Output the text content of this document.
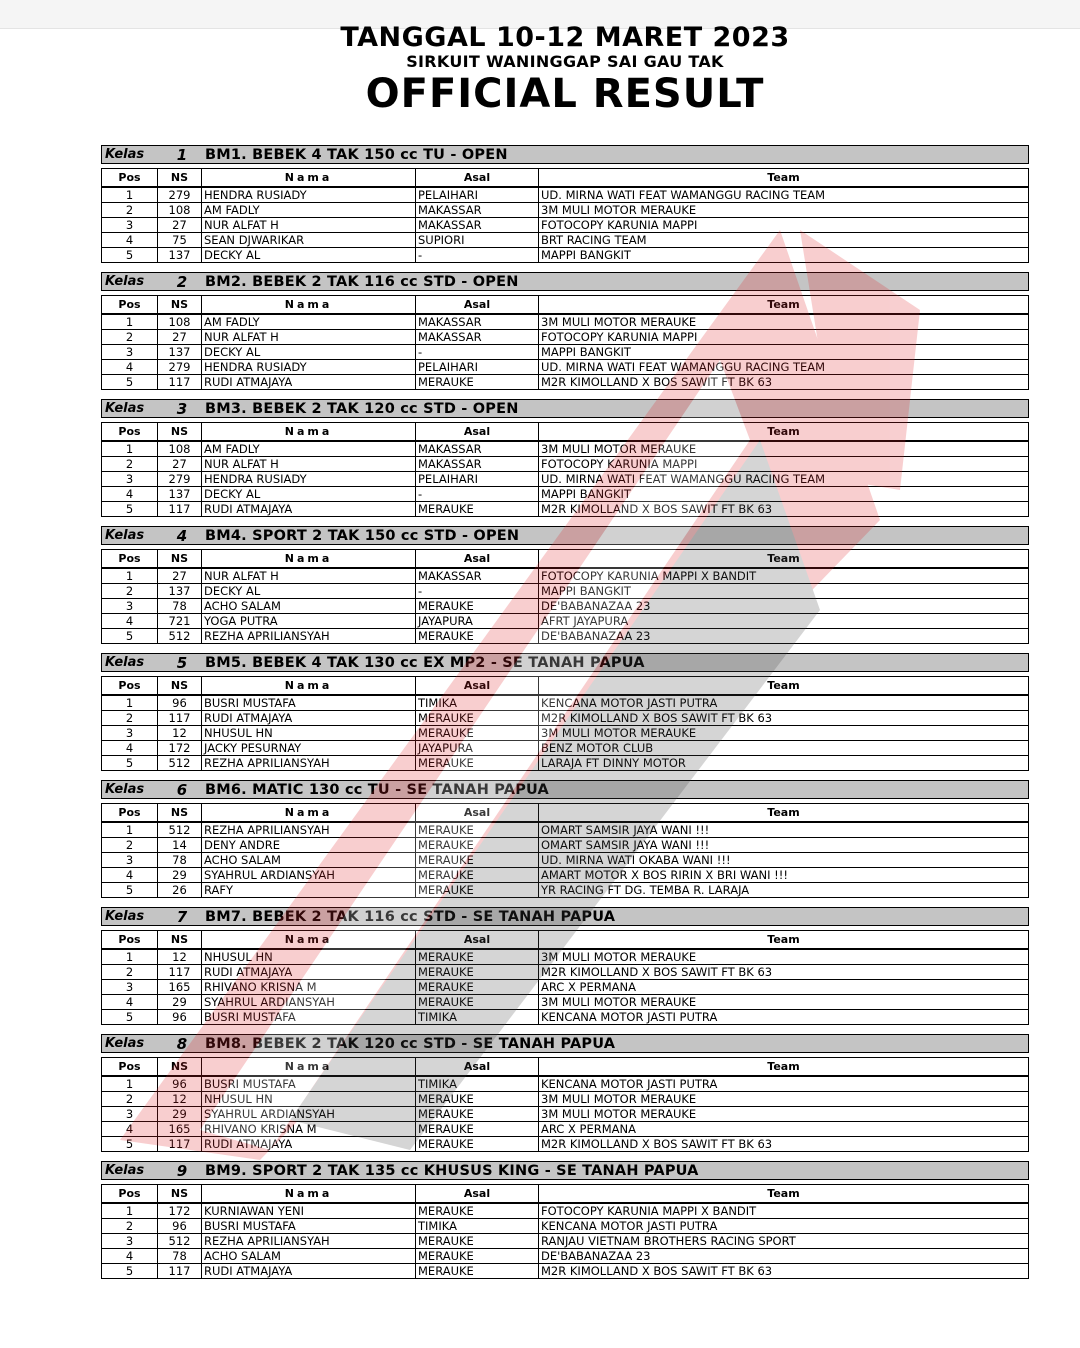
TANGGAL 10-12 MARET 2023
SIRKUIT WANINGGAP SAI GAU TAK
OFFICIAL RESULT
Kelas	1	BM1. BEBEK 4 TAK 150 cc TU - OPEN
Pos	NS	Nama	Asal	Team
1	279	HENDRA RUSIADY	PELAIHARI	UD. MIRNA WATI FEAT WAMANGGU RACING TEAM
2	108	AM FADLY	MAKASSAR	3M MULI MOTOR MERAUKE
3	27	NUR ALFAT H	MAKASSAR	FOTOCOPY KARUNIA MAPPI
4	75	SEAN DJWARIKAR	SUPIORI	BRT RACING TEAM
5	137	DECKY AL	-	MAPPI BANGKIT
Kelas	2	BM2. BEBEK 2 TAK 116 cc STD - OPEN
Pos	NS	Nama	Asal	Team
1	108	AM FADLY	MAKASSAR	3M MULI MOTOR MERAUKE
2	27	NUR ALFAT H	MAKASSAR	FOTOCOPY KARUNIA MAPPI
3	137	DECKY AL	-	MAPPI BANGKIT
4	279	HENDRA RUSIADY	PELAIHARI	UD. MIRNA WATI FEAT WAMANGGU RACING TEAM
5	117	RUDI ATMAJAYA	MERAUKE	M2R KIMOLLAND X BOS SAWIT FT BK 63
Kelas	3	BM3. BEBEK 2 TAK 120 cc STD - OPEN
Pos	NS	Nama	Asal	Team
1	108	AM FADLY	MAKASSAR	3M MULI MOTOR MERAUKE
2	27	NUR ALFAT H	MAKASSAR	FOTOCOPY KARUNIA MAPPI
3	279	HENDRA RUSIADY	PELAIHARI	UD. MIRNA WATI FEAT WAMANGGU RACING TEAM
4	137	DECKY AL	-	MAPPI BANGKIT
5	117	RUDI ATMAJAYA	MERAUKE	M2R KIMOLLAND X BOS SAWIT FT BK 63
Kelas	4	BM4. SPORT 2 TAK 150 cc STD - OPEN
Pos	NS	Nama	Asal	Team
1	27	NUR ALFAT H	MAKASSAR	FOTOCOPY KARUNIA MAPPI X BANDIT
2	137	DECKY AL	-	MAPPI BANGKIT
3	78	ACHO SALAM	MERAUKE	DE'BABANAZAA 23
4	721	YOGA PUTRA	JAYAPURA	AFRT JAYAPURA
5	512	REZHA APRILIANSYAH	MERAUKE	DE'BABANAZAA 23
Kelas	5	BM5. BEBEK 4 TAK 130 cc EX MP2 - SE TANAH PAPUA
Pos	NS	Nama	Asal	Team
1	96	BUSRI MUSTAFA	TIMIKA	KENCANA MOTOR JASTI PUTRA
2	117	RUDI ATMAJAYA	MERAUKE	M2R KIMOLLAND X BOS SAWIT FT BK 63
3	12	NHUSUL HN	MERAUKE	3M MULI MOTOR MERAUKE
4	172	JACKY PESURNAY	JAYAPURA	BENZ MOTOR CLUB
5	512	REZHA APRILIANSYAH	MERAUKE	LARAJA FT DINNY MOTOR
Kelas	6	BM6. MATIC 130 cc TU - SE TANAH PAPUA
Pos	NS	Nama	Asal	Team
1	512	REZHA APRILIANSYAH	MERAUKE	OMART SAMSIR JAYA WANI !!!
2	14	DENY ANDRE	MERAUKE	OMART SAMSIR JAYA WANI !!!
3	78	ACHO SALAM	MERAUKE	UD. MIRNA WATI OKABA WANI !!!
4	29	SYAHRUL ARDIANSYAH	MERAUKE	AMART MOTOR X BOS RIRIN X BRI WANI !!!
5	26	RAFY	MERAUKE	YR RACING FT DG. TEMBA R. LARAJA
Kelas	7	BM7. BEBEK 2 TAK 116 cc STD - SE TANAH PAPUA
Pos	NS	Nama	Asal	Team
1	12	NHUSUL HN	MERAUKE	3M MULI MOTOR MERAUKE
2	117	RUDI ATMAJAYA	MERAUKE	M2R KIMOLLAND X BOS SAWIT FT BK 63
3	165	RHIVANO KRISNA M	MERAUKE	ARC X PERMANA
4	29	SYAHRUL ARDIANSYAH	MERAUKE	3M MULI MOTOR MERAUKE
5	96	BUSRI MUSTAFA	TIMIKA	KENCANA MOTOR JASTI PUTRA
Kelas	8	BM8. BEBEK 2 TAK 120 cc STD - SE TANAH PAPUA
Pos	NS	Nama	Asal	Team
1	96	BUSRI MUSTAFA	TIMIKA	KENCANA MOTOR JASTI PUTRA
2	12	NHUSUL HN	MERAUKE	3M MULI MOTOR MERAUKE
3	29	SYAHRUL ARDIANSYAH	MERAUKE	3M MULI MOTOR MERAUKE
4	165	RHIVANO KRISNA M	MERAUKE	ARC X PERMANA
5	117	RUDI ATMAJAYA	MERAUKE	M2R KIMOLLAND X BOS SAWIT FT BK 63
Kelas	9	BM9. SPORT 2 TAK 135 cc KHUSUS KING - SE TANAH PAPUA
Pos	NS	Nama	Asal	Team
1	172	KURNIAWAN YENI	MERAUKE	FOTOCOPY KARUNIA MAPPI X BANDIT
2	96	BUSRI MUSTAFA	TIMIKA	KENCANA MOTOR JASTI PUTRA
3	512	REZHA APRILIANSYAH	MERAUKE	RANJAU VIETNAM BROTHERS RACING SPORT
4	78	ACHO SALAM	MERAUKE	DE'BABANAZAA 23
5	117	RUDI ATMAJAYA	MERAUKE	M2R KIMOLLAND X BOS SAWIT FT BK 63
